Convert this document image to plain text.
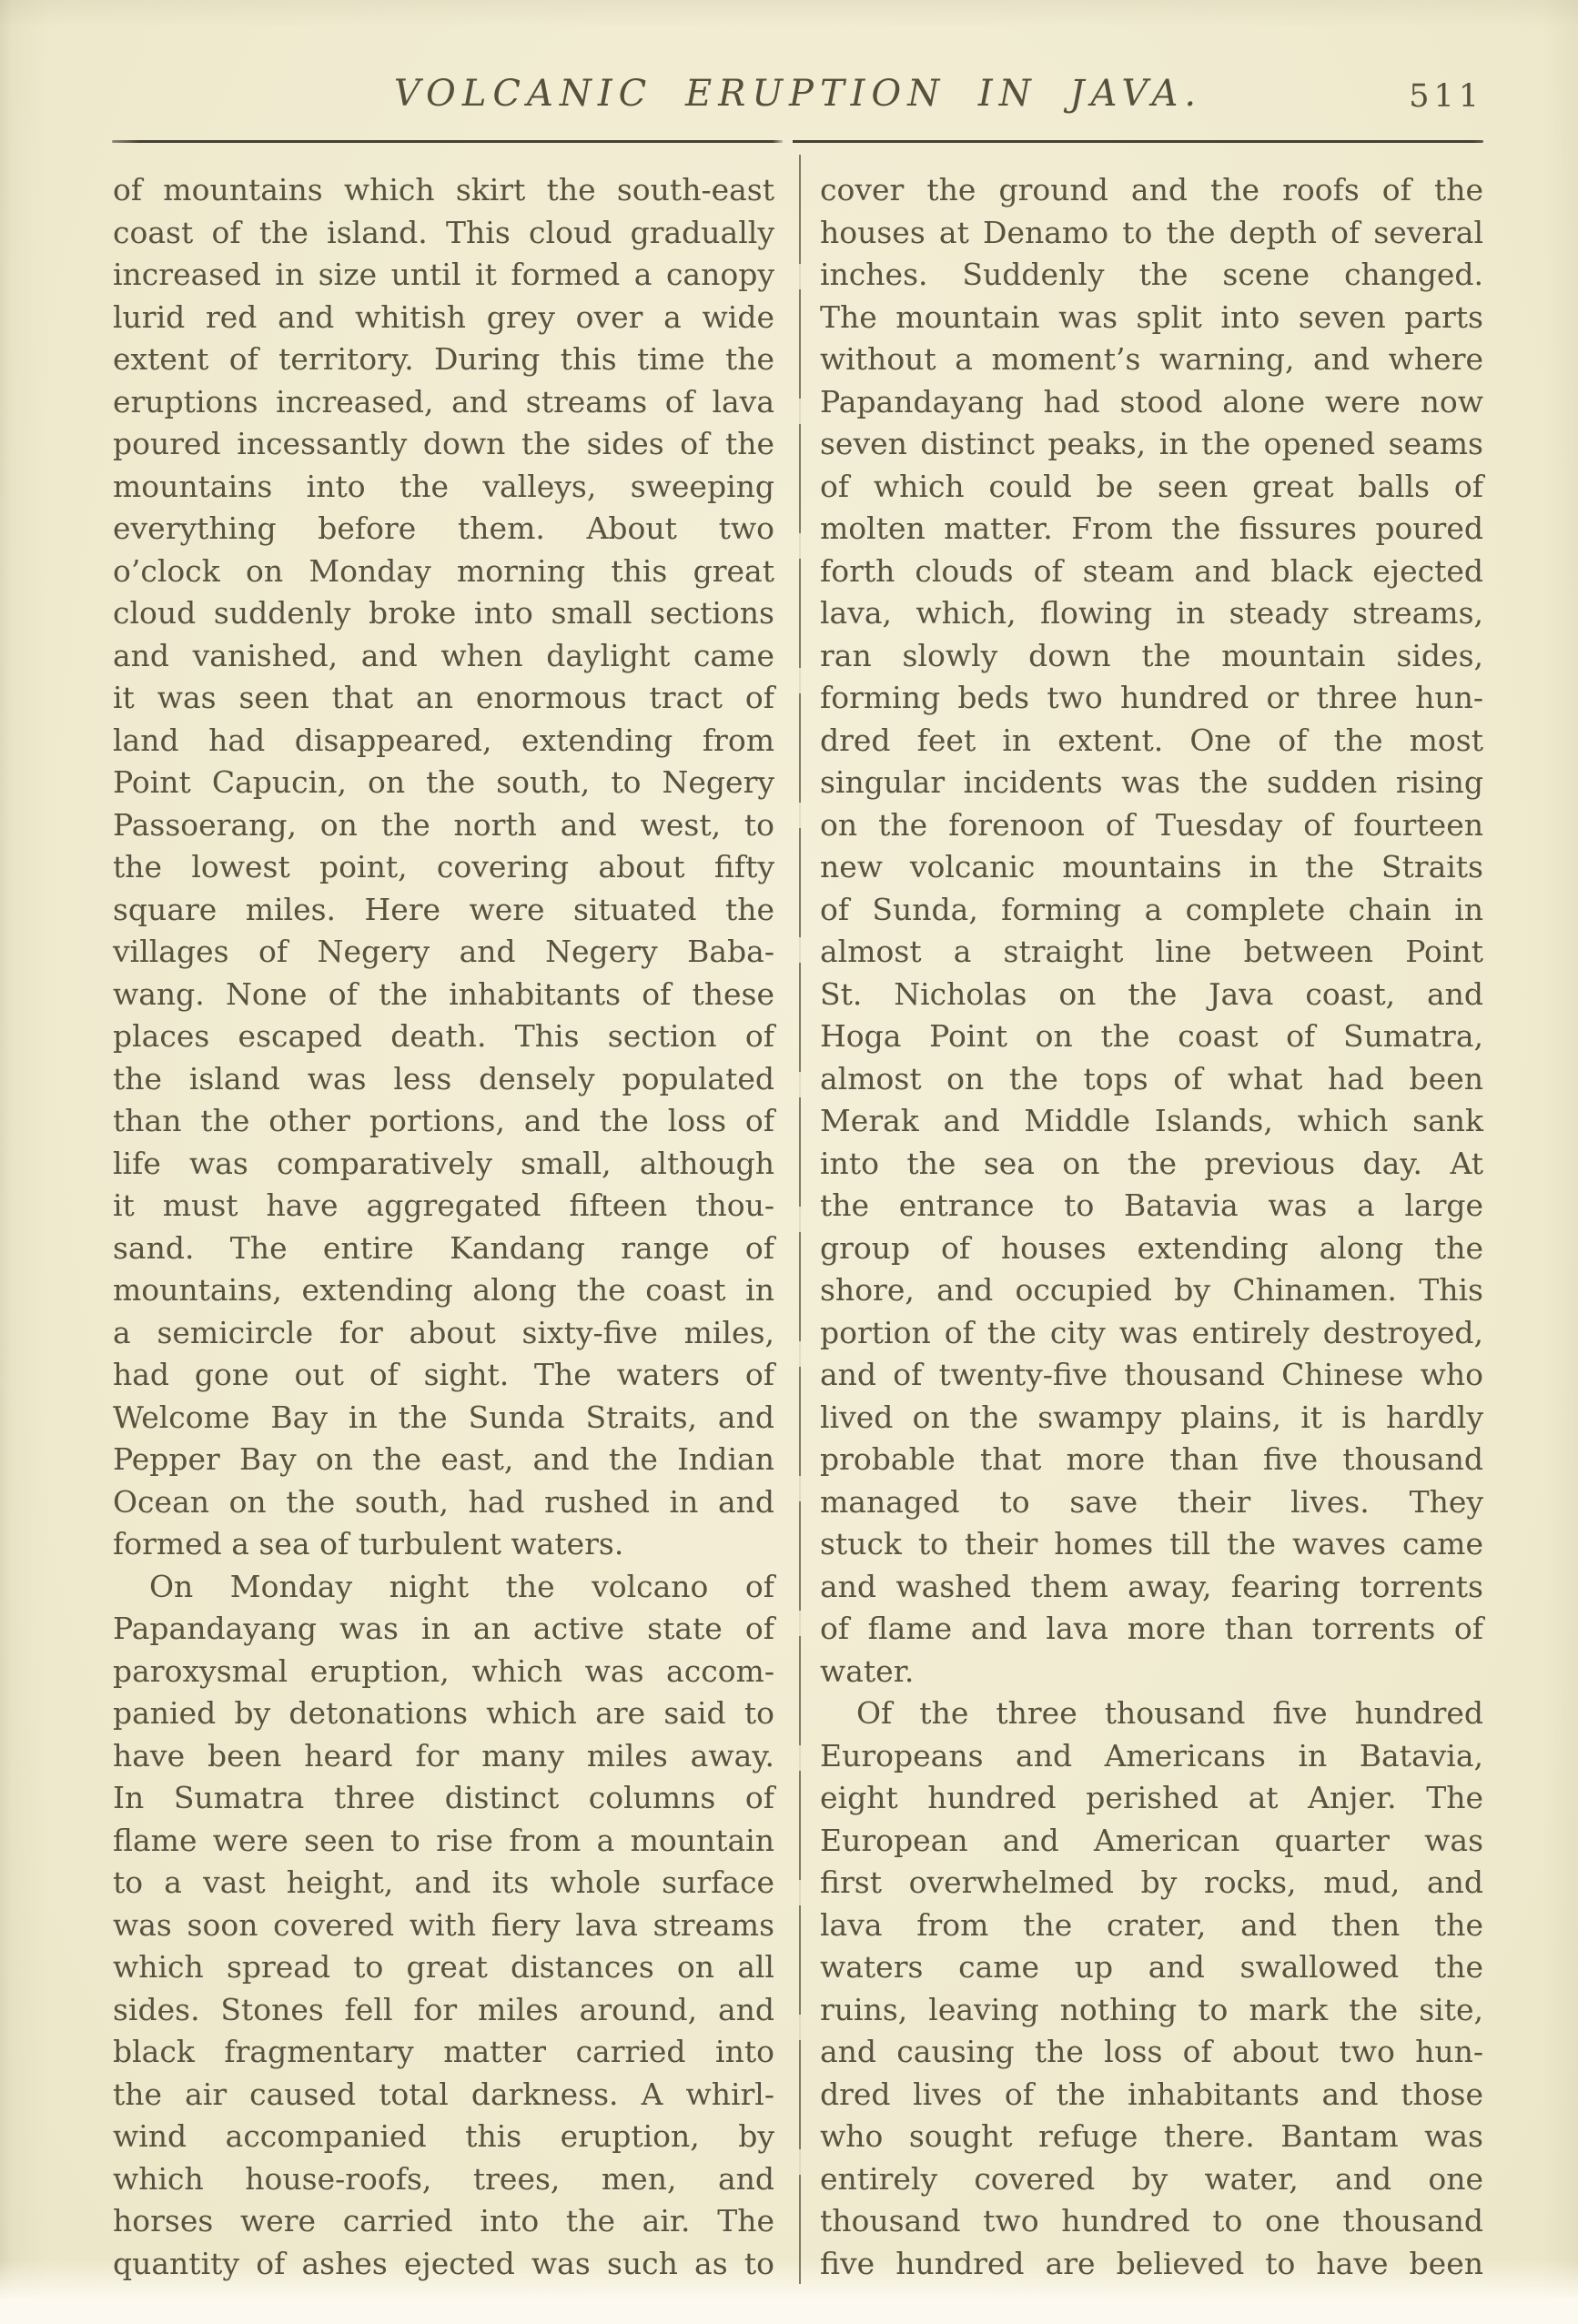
VOLCANIC ERUPTION IN JAVA.	511
of mountains which skirt the south-east
coast of the island. This cloud gradually
increased in size until it formed a canopy
lurid red and whitish grey over a wide
extent of territory. During this time the
eruptions increased, and streams of lava
poured incessantly down the sides of the
mountains into the valleys, sweeping
everything before them. About two
o’clock on Monday morning this great
cloud suddenly broke into small sections
and vanished, and when daylight came
it was seen that an enormous tract of
land had disappeared, extending from
Point Capucin, on the south, to Negery
Passoerang, on the north and west, to
the lowest point, covering about fifty
square miles. Here were situated the
villages of Negery and Negery Baba-
wang. None of the inhabitants of these
places escaped death. This section of
the island was less densely populated
than the other portions, and the loss of
life was comparatively small, although
it must have aggregated fifteen thou-
sand. The entire Kandang range of
mountains, extending along the coast in
a semicircle for about sixty-five miles,
had gone out of sight. The waters of
Welcome Bay in the Sunda Straits, and
Pepper Bay on the east, and the Indian
Ocean on the south, had rushed in and
formed a sea of turbulent waters.
On Monday night the volcano of
Papandayang was in an active state of
paroxysmal eruption, which was accom-
panied by detonations which are said to
have been heard for many miles away.
In Sumatra three distinct columns of
flame were seen to rise from a mountain
to a vast height, and its whole surface
was soon covered with fiery lava streams
which spread to great distances on all
sides. Stones fell for miles around, and
black fragmentary matter carried into
the air caused total darkness. A whirl-
wind accompanied this eruption, by
which house-roofs, trees, men, and
horses were carried into the air. The
quantity of ashes ejected was such as to
cover the ground and the roofs of the
houses at Denamo to the depth of several
inches. Suddenly the scene changed.
The mountain was split into seven parts
without a moment’s warning, and where
Papandayang had stood alone were now
seven distinct peaks, in the opened seams
of which could be seen great balls of
molten matter. From the fissures poured
forth clouds of steam and black ejected
lava, which, flowing in steady streams,
ran slowly down the mountain sides,
forming beds two hundred or three hun-
dred feet in extent. One of the most
singular incidents was the sudden rising
on the forenoon of Tuesday of fourteen
new volcanic mountains in the Straits
of Sunda, forming a complete chain in
almost a straight line between Point
St. Nicholas on the Java coast, and
Hoga Point on the coast of Sumatra,
almost on the tops of what had been
Merak and Middle Islands, which sank
into the sea on the previous day. At
the entrance to Batavia was a large
group of houses extending along the
shore, and occupied by Chinamen. This
portion of the city was entirely destroyed,
and of twenty-five thousand Chinese who
lived on the swampy plains, it is hardly
probable that more than five thousand
managed to save their lives. They
stuck to their homes till the waves came
and washed them away, fearing torrents
of flame and lava more than torrents of
water.
Of the three thousand five hundred
Europeans and Americans in Batavia,
eight hundred perished at Anjer. The
European and American quarter was
first overwhelmed by rocks, mud, and
lava from the crater, and then the
waters came up and swallowed the
ruins, leaving nothing to mark the site,
and causing the loss of about two hun-
dred lives of the inhabitants and those
who sought refuge there. Bantam was
entirely covered by water, and one
thousand two hundred to one thousand
five hundred are believed to have been
